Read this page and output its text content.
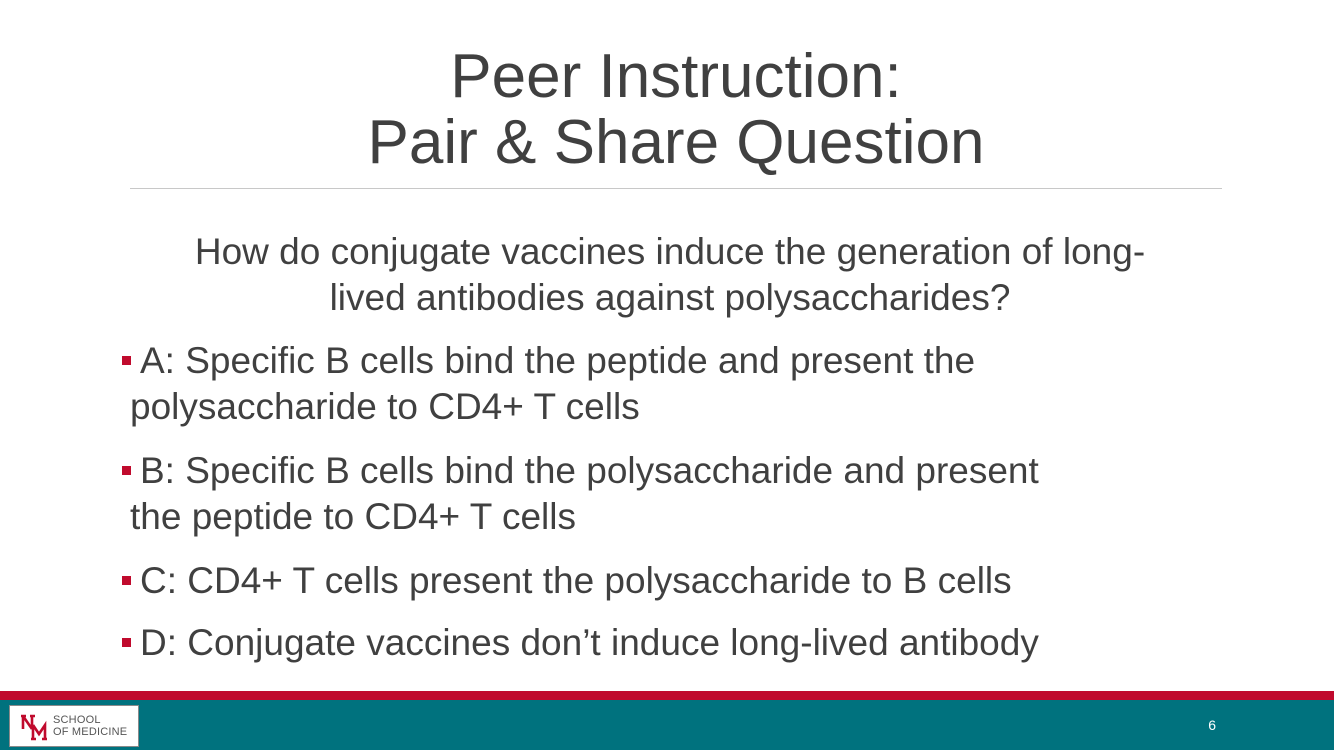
Peer Instruction:
Pair & Share Question
How do conjugate vaccines induce the generation of long-
lived antibodies against polysaccharides?
A: Specific B cells bind the peptide and present the
polysaccharide to CD4+ T cells
B: Specific B cells bind the polysaccharide and present
the peptide to CD4+ T cells
C: CD4+ T cells present the polysaccharide to B cells
D: Conjugate vaccines don’t induce long-lived antibody
SCHOOL
OF MEDICINE	6
